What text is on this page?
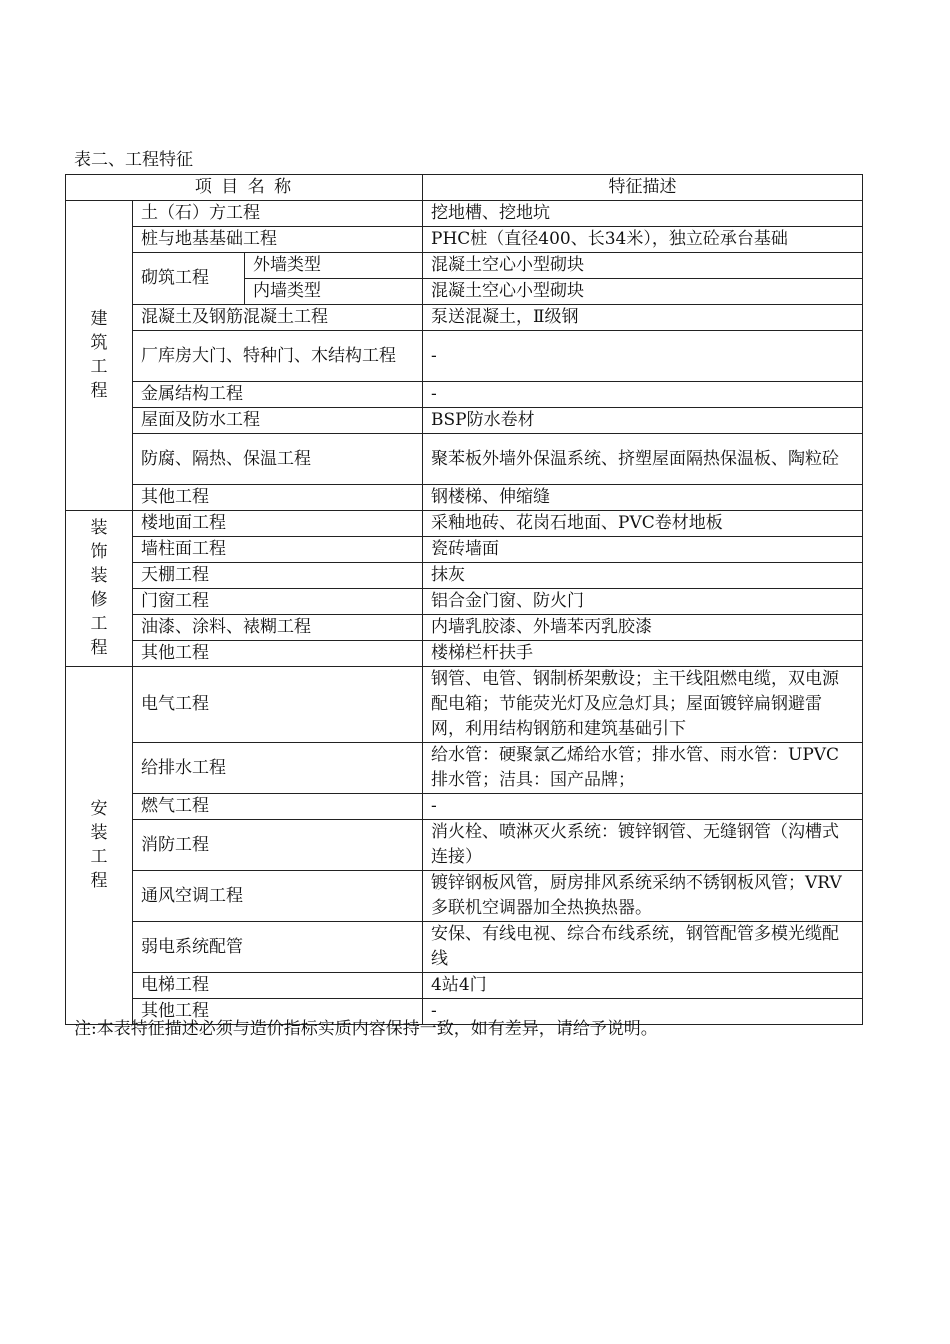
表二、工程特征
项 目 名 称			特征描述
建筑工程	土（石）方工程		挖地槽、挖地坑
	桩与地基基础工程		PHC桩（直径400、长34米），独立砼承台基础
	砌筑工程	外墙类型	混凝土空心小型砌块
		内墙类型	混凝土空心小型砌块
	混凝土及钢筋混凝土工程		泵送混凝土，Ⅱ级钢
	厂库房大门、特种门、木结构工程		-
	金属结构工程		-
	屋面及防水工程		BSP防水卷材
	防腐、隔热、保温工程		聚苯板外墙外保温系统、挤塑屋面隔热保温板、陶粒砼
	其他工程		钢楼梯、伸缩缝
装饰装修工程	楼地面工程		采釉地砖、花岗石地面、PVC卷材地板
	墙柱面工程		瓷砖墙面
	天棚工程		抹灰
	门窗工程		铝合金门窗、防火门
	油漆、涂料、裱糊工程		内墙乳胶漆、外墙苯丙乳胶漆
	其他工程		楼梯栏杆扶手
安装工程	电气工程		钢管、电管、钢制桥架敷设；主干线阻燃电缆，双电源配电箱；节能荧光灯及应急灯具；屋面镀锌扁钢避雷网，利用结构钢筋和建筑基础引下
	给排水工程		给水管：硬聚氯乙烯给水管；排水管、雨水管：UPVC排水管；洁具：国产品牌；
	燃气工程		-
	消防工程		消火栓、喷淋灭火系统：镀锌钢管、无缝钢管（沟槽式连接）
	通风空调工程		镀锌钢板风管，厨房排风系统采纳不锈钢板风管；VRV多联机空调器加全热换热器。
	弱电系统配管		安保、有线电视、综合布线系统，钢管配管多模光缆配线
	电梯工程		4站4门
	其他工程		-
注:本表特征描述必须与造价指标实质内容保持一致，如有差异，请给予说明。
